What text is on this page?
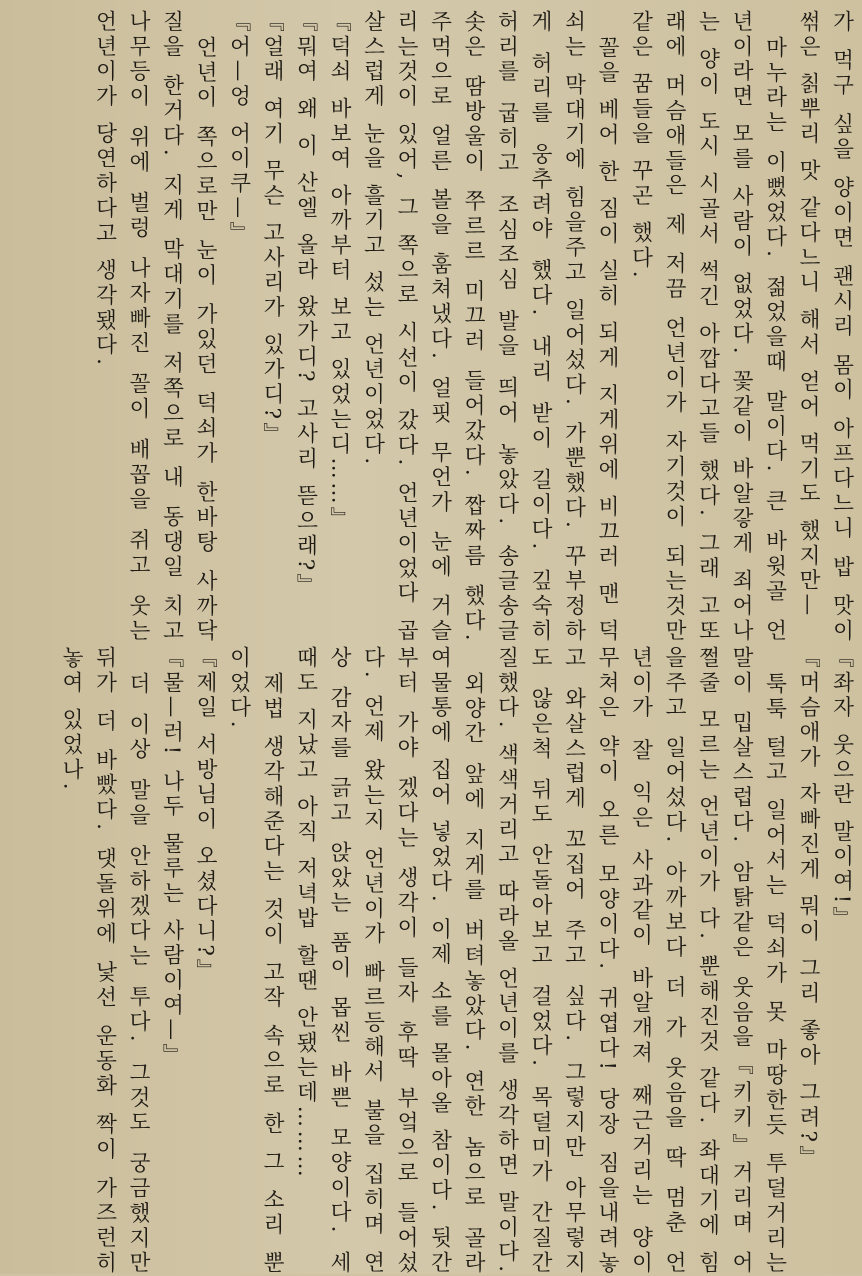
가 먹구 싶을 양이면 괜시리 몸이 아프다느니 밥 맛이 썪은 칡뿌리 맛 같다느니 해서 얻어 먹기도 했지만—

마누라는 이뻤었다. 젊었을때 말이다. 큰 바윗골 언년이라면 모를 사람이 없었다. 꽃같이 바알갛게 죄어나는 양이 도시 시골서 썩긴 아깝다고들 했다. 그래 고또래에 머슴애들은 제 저끔 언년이가 자기것이 되는것만 같은 꿈들을 꾸곤 했다.

꼴을 베어 한 짐이 실히 되게 지게위에 비끄러 맨 덕쇠는 막대기에 힘을주고 일어섰다. 가뿐했다. 꾸부정하게 허리를 웅추려야 했다. 내리 받이 길이다. 깊숙히 허리를 굽히고 조심조심 발을 띄어 놓았다. 송글송글 솟은 땀방울이 쭈르르 미끄러 들어갔다. 짭짜름 했다. 주먹으로 얼른 볼을 훔쳐냈다. 얼핏 무언가 눈에 거슬리는것이 있어, 그 쪽으로 시선이 갔다. 언년이었다 곱살스럽게 눈을 흘기고 섰는 언년이었다.

『덕쇠 바보여 아까부터 보고 있었는디……』

『뭐여 왜 이 산엘 올라 왔가디? 고사리 뜯으래?』

『얼래 여기 무슨 고사리가 있가디?』

『어—엉 어이쿠—』

언년이 쪽으로만 눈이 가있던 덕쇠가 한바탕 사까닥질을 한거다. 지게 막대기를 저쪽으로 내 동댕일 치고 나무등이 위에 벌렁 나자빠진 꼴이 배꼽을 쥐고 웃는 언년이가 당연하다고 생각됐다.

『좌자 웃으란 말이여!』

『머슴애가 자빠진게 뭐이 그리 좋아 그려?』

툭툭 털고 일어서는 덕쇠가 못 마땅한듯 투덜거리는 말이 밉살스럽다. 암탉같은 웃음을『키키』거리며 어쩔줄 모르는 언년이가 다. 뿐해진것 같다. 좌대기에 힘을주고 일어섰다. 아까보다 더 가 웃음을 딱 멈춘 언년이가 잘 익은 사과같이 바알개져 째근거리는 양이 무쳐은 약이 오른 모양이다. 귀엽다! 당장 짐을내려놓고 와살스럽게 꼬집어 주고 싶다. 그렇지만 아무렇지도 않은척 뒤도 안돌아보고 걸었다. 목덜미가 간질간질했다. 색색거리고 따라올 언년이를 생각하면 말이다.

외양간 앞에 지게를 버텨놓았다. 연한 놈으로 골라 여물통에 집어 넣었다. 이제 소를 몰아올 참이다. 뒷간부터 가야 겠다는 생각이 들자 후딱 부엌으로 들어섰다. 언제 왔는지 언년이가 빠르등해서 불을 집히며 연상 감자를 긁고 앉았는 품이 몹씬 바쁜 모양이다. 세때도 지났고 아직 저녁밥 할땐 안됐는데………

제법 생각해준다는 것이 고작 속으로 한 그 소리 뿐이었다.

『제일 서방님이 오셨다니?』

『물—러! 나두 물루는 사람이여—』

더 이상 말을 안하겠다는 투다. 그것도 궁금했지만 뒤가 더 바빴다. 댓돌위에 낯선 운동화 짝이 가즈런히 놓여 있었나.
